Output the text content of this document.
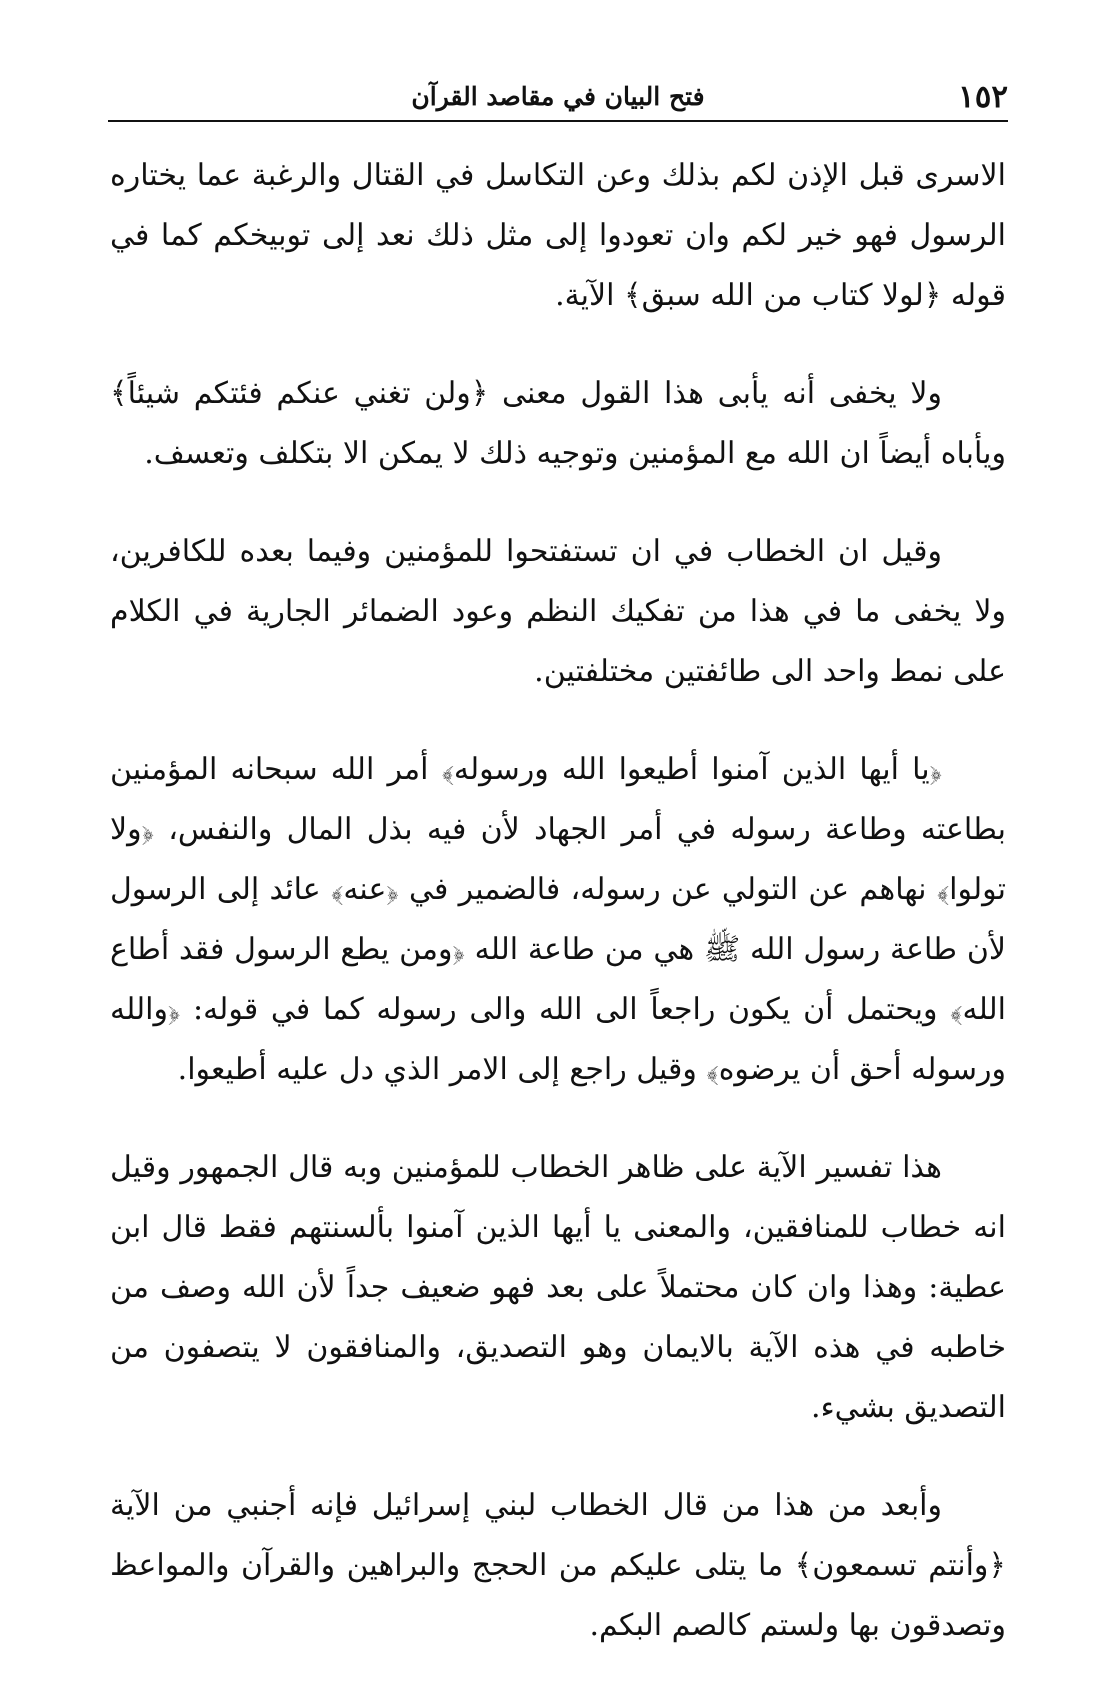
١٥٢
فتح البيان في مقاصد القرآن

الاسرى قبل الإذن لكم بذلك وعن التكاسل في القتال والرغبة عما يختاره الرسول فهو خير لكم وان تعودوا إلى مثل ذلك نعد إلى توبيخكم كما في قوله ﴿لولا كتاب من الله سبق﴾ الآية.

ولا يخفى أنه يأبى هذا القول معنى ﴿ولن تغني عنكم فئتكم شيئاً﴾ ويأباه أيضاً ان الله مع المؤمنين وتوجيه ذلك لا يمكن الا بتكلف وتعسف.

وقيل ان الخطاب في ان تستفتحوا للمؤمنين وفيما بعده للكافرين، ولا يخفى ما في هذا من تفكيك النظم وعود الضمائر الجارية في الكلام على نمط واحد الى طائفتين مختلفتين.

﴿يا أيها الذين آمنوا أطيعوا الله ورسوله﴾ أمر الله سبحانه المؤمنين بطاعته وطاعة رسوله في أمر الجهاد لأن فيه بذل المال والنفس، ﴿ولا تولوا﴾ نهاهم عن التولي عن رسوله، فالضمير في ﴿عنه﴾ عائد إلى الرسول لأن طاعة رسول الله ﷺ هي من طاعة الله ﴿ومن يطع الرسول فقد أطاع الله﴾ ويحتمل أن يكون راجعاً الى الله والى رسوله كما في قوله: ﴿والله ورسوله أحق أن يرضوه﴾ وقيل راجع إلى الامر الذي دل عليه أطيعوا.

هذا تفسير الآية على ظاهر الخطاب للمؤمنين وبه قال الجمهور وقيل انه خطاب للمنافقين، والمعنى يا أيها الذين آمنوا بألسنتهم فقط قال ابن عطية: وهذا وان كان محتملاً على بعد فهو ضعيف جداً لأن الله وصف من خاطبه في هذه الآية بالايمان وهو التصديق، والمنافقون لا يتصفون من التصديق بشيء.

وأبعد من هذا من قال الخطاب لبني إسرائيل فإنه أجنبي من الآية ﴿وأنتم تسمعون﴾ ما يتلى عليكم من الحجج والبراهين والقرآن والمواعظ وتصدقون بها ولستم كالصم البكم.
